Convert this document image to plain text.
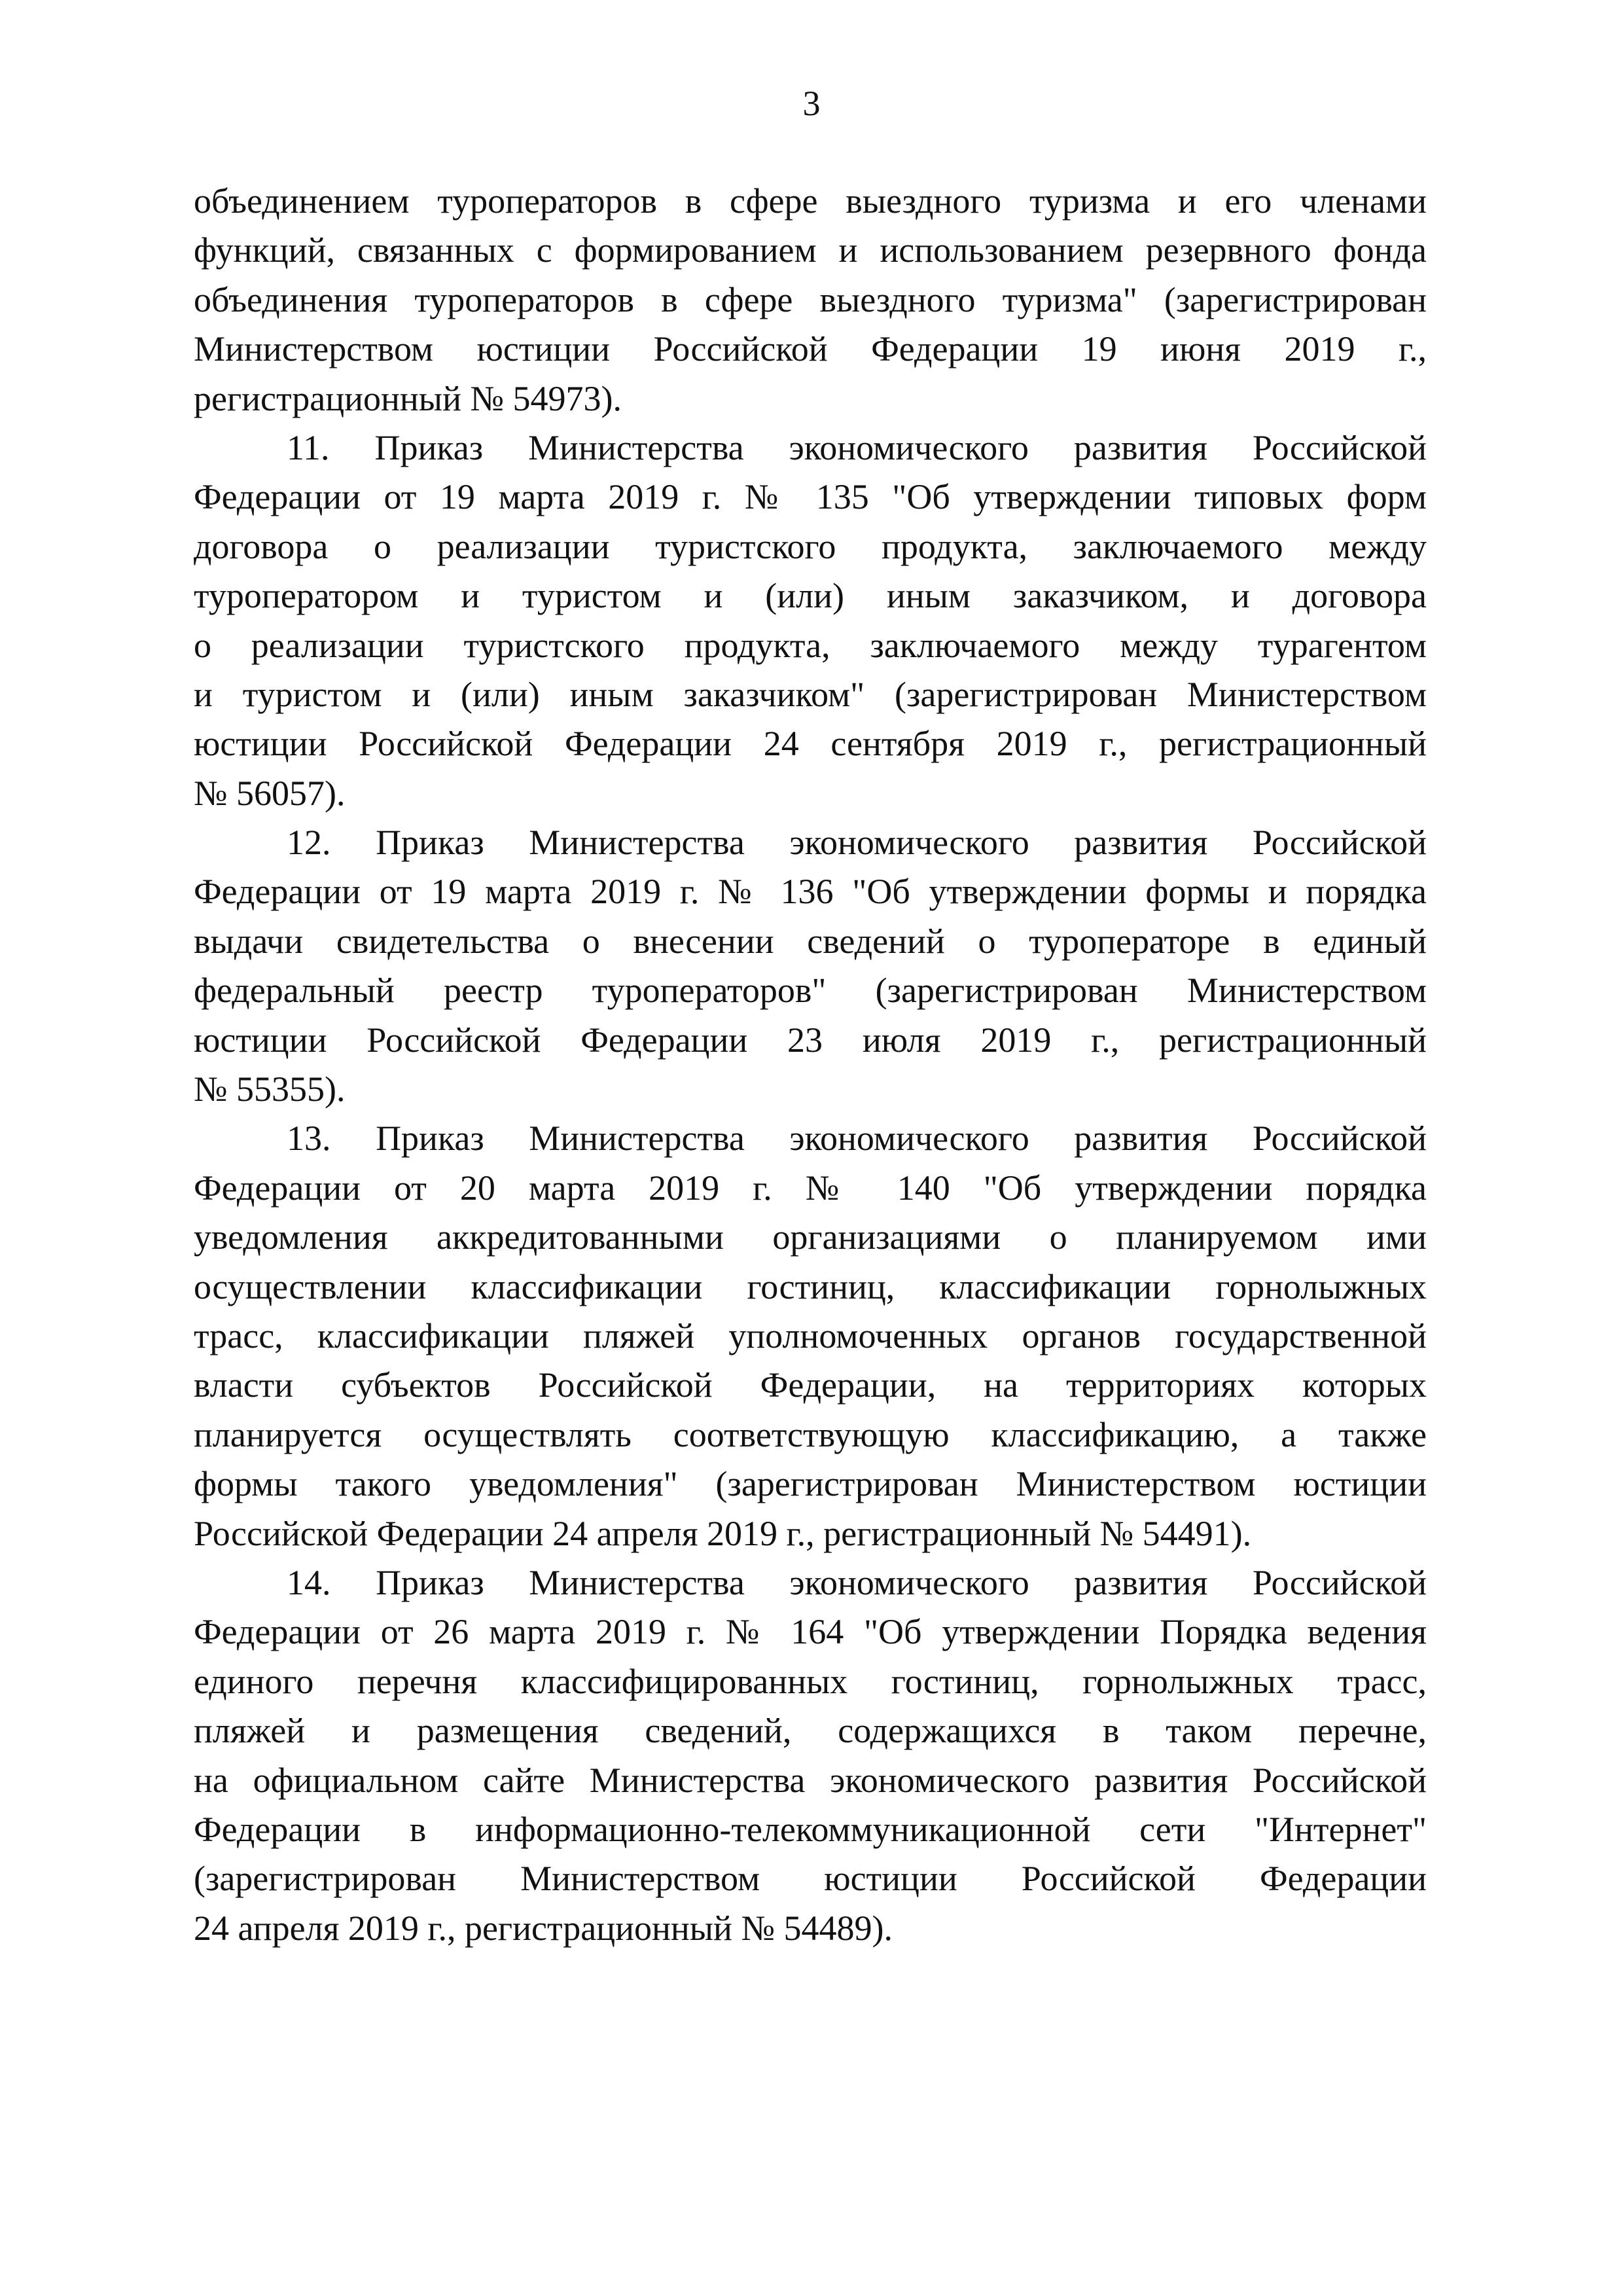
3
объединением туроператоров в сфере выездного туризма и его членами
функций, связанных с формированием и использованием резервного фонда
объединения туроператоров в сфере выездного туризма" (зарегистрирован
Министерством юстиции Российской Федерации 19 июня 2019 г.,
регистрационный № 54973).
11. Приказ Министерства экономического развития Российской
Федерации от 19 марта 2019 г. № 135 "Об утверждении типовых форм
договора о реализации туристского продукта, заключаемого между
туроператором и туристом и (или) иным заказчиком, и договора
о реализации туристского продукта, заключаемого между турагентом
и туристом и (или) иным заказчиком" (зарегистрирован Министерством
юстиции Российской Федерации 24 сентября 2019 г., регистрационный
№ 56057).
12. Приказ Министерства экономического развития Российской
Федерации от 19 марта 2019 г. № 136 "Об утверждении формы и порядка
выдачи свидетельства о внесении сведений о туроператоре в единый
федеральный реестр туроператоров" (зарегистрирован Министерством
юстиции Российской Федерации 23 июля 2019 г., регистрационный
№ 55355).
13. Приказ Министерства экономического развития Российской
Федерации от 20 марта 2019 г. № 140 "Об утверждении порядка
уведомления аккредитованными организациями о планируемом ими
осуществлении классификации гостиниц, классификации горнолыжных
трасс, классификации пляжей уполномоченных органов государственной
власти субъектов Российской Федерации, на территориях которых
планируется осуществлять соответствующую классификацию, а также
формы такого уведомления" (зарегистрирован Министерством юстиции
Российской Федерации 24 апреля 2019 г., регистрационный № 54491).
14. Приказ Министерства экономического развития Российской
Федерации от 26 марта 2019 г. № 164 "Об утверждении Порядка ведения
единого перечня классифицированных гостиниц, горнолыжных трасс,
пляжей и размещения сведений, содержащихся в таком перечне,
на официальном сайте Министерства экономического развития Российской
Федерации в информационно-телекоммуникационной сети "Интернет"
(зарегистрирован Министерством юстиции Российской Федерации
24 апреля 2019 г., регистрационный № 54489).
